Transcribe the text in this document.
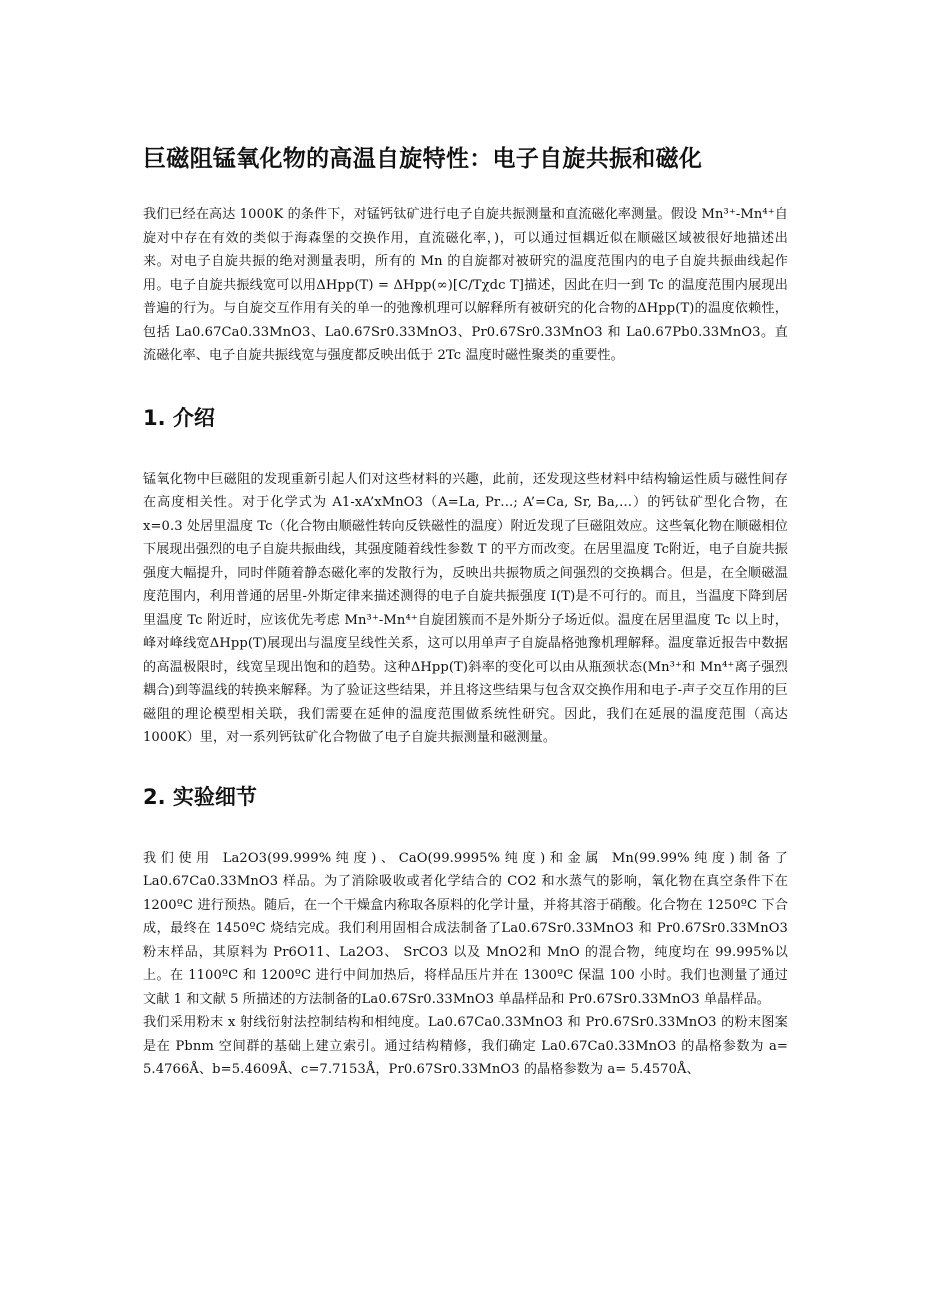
巨磁阻锰氧化物的高温自旋特性：电子自旋共振和磁化

我们已经在高达 1000K 的条件下，对锰钙钛矿进行电子自旋共振测量和直流磁化率测量。假设 Mn³⁺-Mn⁴⁺自旋对中存在有效的类似于海森堡的交换作用，直流磁化率，)，可以通过恒耦近似在顺磁区域被很好地描述出来。对电子自旋共振的绝对测量表明，所有的 Mn 的自旋都对被研究的温度范围内的电子自旋共振曲线起作用。电子自旋共振线宽可以用ΔHpp(T) = ΔHpp(∞)[C/Tχdc T]描述，因此在归一到 Tc 的温度范围内展现出普遍的行为。与自旋交互作用有关的单一的弛豫机理可以解释所有被研究的化合物的ΔHpp(T)的温度依赖性，包括 La0.67Ca0.33MnO3、La0.67Sr0.33MnO3、Pr0.67Sr0.33MnO3 和 La0.67Pb0.33MnO3。直流磁化率、电子自旋共振线宽与强度都反映出低于 2Tc 温度时磁性聚类的重要性。

1. 介绍

锰氧化物中巨磁阻的发现重新引起人们对这些材料的兴趣，此前，还发现这些材料中结构输运性质与磁性间存在高度相关性。对于化学式为 A1-xA’xMnO3（A=La, Pr…; A’=Ca, Sr, Ba,…）的钙钛矿型化合物，在 x=0.3 处居里温度 Tc（化合物由顺磁性转向反铁磁性的温度）附近发现了巨磁阻效应。这些氧化物在顺磁相位下展现出强烈的电子自旋共振曲线，其强度随着线性参数 T 的平方而改变。在居里温度 Tc附近，电子自旋共振强度大幅提升，同时伴随着静态磁化率的发散行为，反映出共振物质之间强烈的交换耦合。但是，在全顺磁温度范围内，利用普通的居里-外斯定律来描述测得的电子自旋共振强度 I(T)是不可行的。而且，当温度下降到居里温度 Tc 附近时，应该优先考虑 Mn³⁺-Mn⁴⁺自旋团簇而不是外斯分子场近似。温度在居里温度 Tc 以上时，峰对峰线宽ΔHpp(T)展现出与温度呈线性关系，这可以用单声子自旋晶格弛豫机理解释。温度靠近报告中数据的高温极限时，线宽呈现出饱和的趋势。这种ΔHpp(T)斜率的变化可以由从瓶颈状态(Mn³⁺和 Mn⁴⁺离子强烈耦合)到等温线的转换来解释。为了验证这些结果，并且将这些结果与包含双交换作用和电子-声子交互作用的巨磁阻的理论模型相关联，我们需要在延伸的温度范围做系统性研究。因此，我们在延展的温度范围（高达 1000K）里，对一系列钙钛矿化合物做了电子自旋共振测量和磁测量。

2. 实验细节

我们使用 La2O3(99.999%纯度)、CaO(99.9995%纯度)和金属 Mn(99.99%纯度)制备了La0.67Ca0.33MnO3 样品。为了消除吸收或者化学结合的 CO2 和水蒸气的影响，氧化物在真空条件下在 1200ºC 进行预热。随后，在一个干燥盒内称取各原料的化学计量，并将其溶于硝酸。化合物在 1250ºC 下合成，最终在 1450ºC 烧结完成。我们利用固相合成法制备了La0.67Sr0.33MnO3 和 Pr0.67Sr0.33MnO3 粉末样品，其原料为 Pr6O11、La2O3、 SrCO3 以及 MnO2和 MnO 的混合物，纯度均在 99.995%以上。在 1100ºC 和 1200ºC 进行中间加热后，将样品压片并在 1300ºC 保温 100 小时。我们也测量了通过文献 1 和文献 5 所描述的方法制备的La0.67Sr0.33MnO3 单晶样品和 Pr0.67Sr0.33MnO3 单晶样品。

我们采用粉末 x 射线衍射法控制结构和相纯度。La0.67Ca0.33MnO3 和 Pr0.67Sr0.33MnO3 的粉末图案是在 Pbnm 空间群的基础上建立索引。通过结构精修，我们确定 La0.67Ca0.33MnO3 的晶格参数为 a= 5.4766Å、b=5.4609Å、c=7.7153Å，Pr0.67Sr0.33MnO3 的晶格参数为 a= 5.4570Å、
